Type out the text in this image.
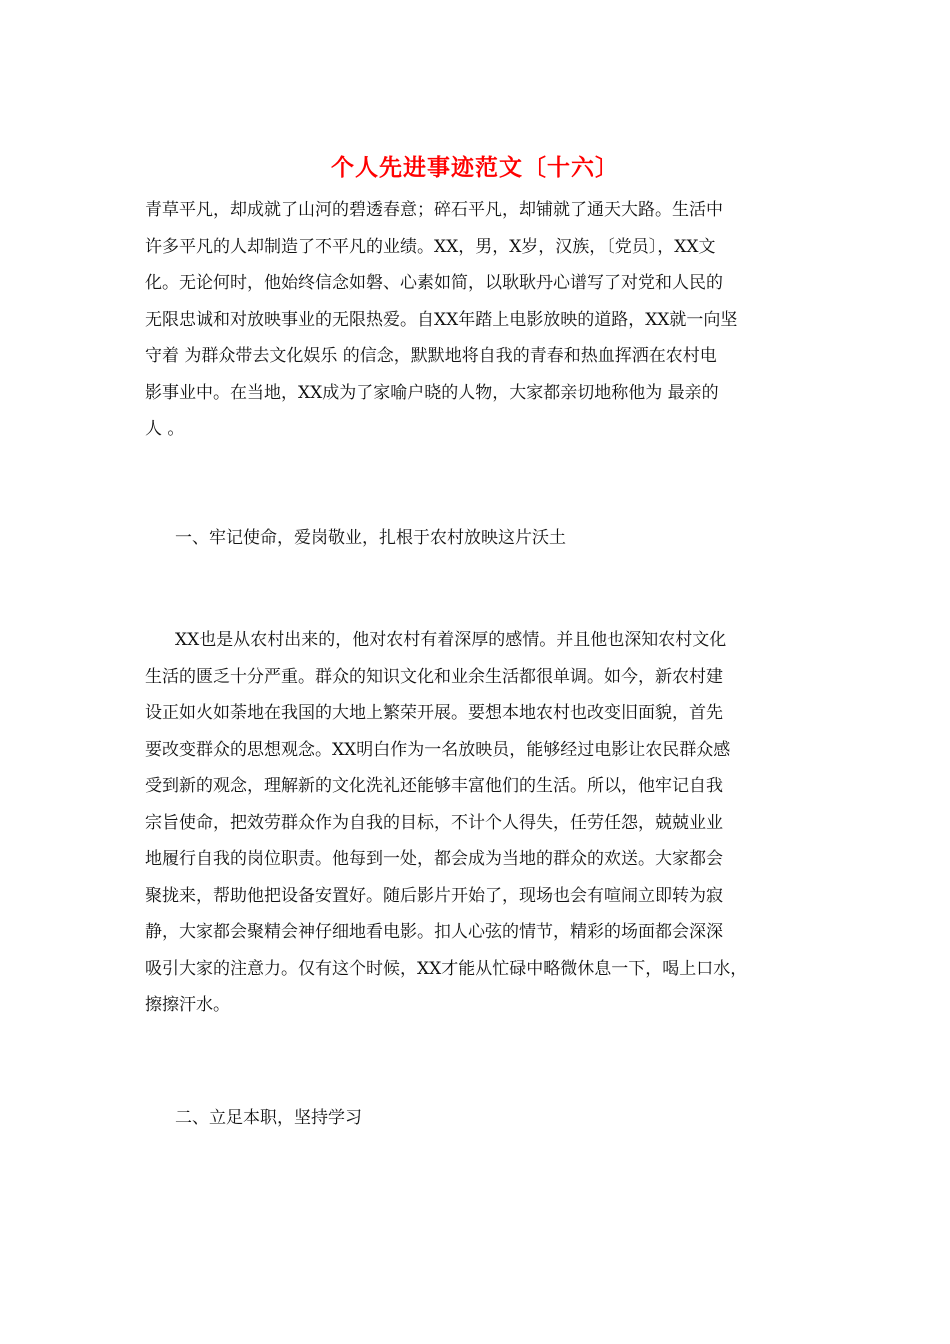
个人先进事迹范文〔十六〕
青草平凡，却成就了山河的碧透春意；碎石平凡，却铺就了通天大路。生活中
许多平凡的人却制造了不平凡的业绩。XX，男，X岁，汉族，〔党员〕，XX文
化。无论何时，他始终信念如磐、心素如简，以耿耿丹心谱写了对党和人民的
无限忠诚和对放映事业的无限热爱。自XX年踏上电影放映的道路，XX就一向坚
守着 为群众带去文化娱乐 的信念，默默地将自我的青春和热血挥洒在农村电
影事业中。在当地，XX成为了家喻户晓的人物，大家都亲切地称他为 最亲的
人 。
一、牢记使命，爱岗敬业，扎根于农村放映这片沃土
XX也是从农村出来的，他对农村有着深厚的感情。并且他也深知农村文化
生活的匮乏十分严重。群众的知识文化和业余生活都很单调。如今，新农村建
设正如火如荼地在我国的大地上繁荣开展。要想本地农村也改变旧面貌，首先
要改变群众的思想观念。XX明白作为一名放映员，能够经过电影让农民群众感
受到新的观念，理解新的文化洗礼还能够丰富他们的生活。所以，他牢记自我
宗旨使命，把效劳群众作为自我的目标，不计个人得失，任劳任怨，兢兢业业
地履行自我的岗位职责。他每到一处，都会成为当地的群众的欢送。大家都会
聚拢来，帮助他把设备安置好。随后影片开始了，现场也会有喧闹立即转为寂
静，大家都会聚精会神仔细地看电影。扣人心弦的情节，精彩的场面都会深深
吸引大家的注意力。仅有这个时候，XX才能从忙碌中略微休息一下，喝上口水，
擦擦汗水。
二、立足本职，坚持学习
